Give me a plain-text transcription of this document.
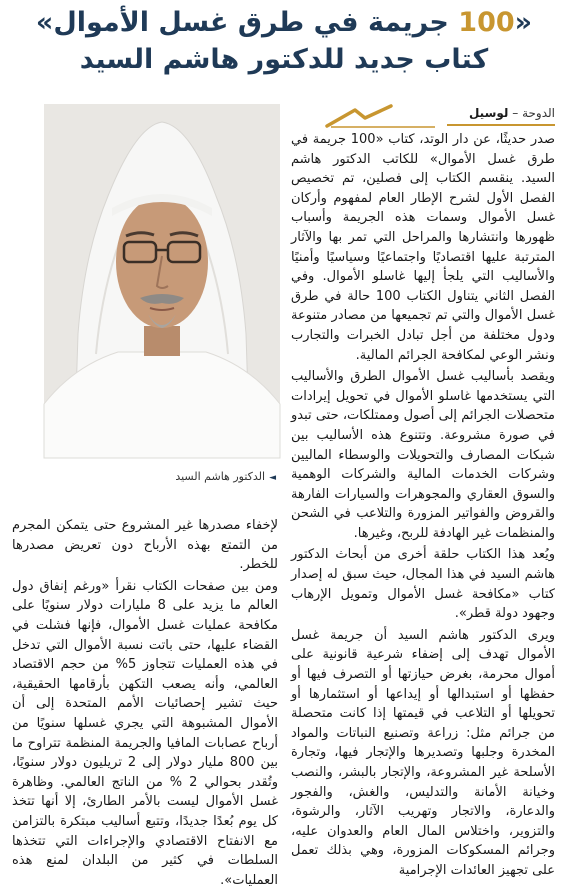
«100 جريمة في طرق غسل الأموال»
كتاب جديد للدكتور هاشم السيد
الدوحة – لوسيل
◄الدكتور هاشم السيد

صدر حديثًا، عن دار الوتد، كتاب «100 جريمة في طرق غسل الأموال» للكاتب الدكتور هاشم السيد. ينقسم الكتاب إلى فصلين، تم تخصيص الفصل الأول لشرح الإطار العام لمفهوم وأركان غسل الأموال وسمات هذه الجريمة وأسباب ظهورها وانتشارها والمراحل التي تمر بها والآثار المترتبة عليها اقتصاديًا واجتماعيًا وسياسيًا وأمنيًا والأساليب التي يلجأ إليها غاسلو الأموال. وفي الفصل الثاني يتناول الكتاب 100 حالة في طرق غسل الأموال والتي تم تجميعها من مصادر متنوعة ودول مختلفة من أجل تبادل الخبرات والتجارب ونشر الوعي لمكافحة الجرائم المالية.

ويقصد بأساليب غسل الأموال الطرق والأساليب التي يستخدمها غاسلو الأموال في تحويل إيرادات متحصلات الجرائم إلى أصول وممتلكات، حتى تبدو في صورة مشروعة. وتتنوع هذه الأساليب بين شبكات المصارف والتحويلات والوسطاء الماليين وشركات الخدمات المالية والشركات الوهمية والسوق العقاري والمجوهرات والسيارات الفارهة والقروض والفواتير المزورة والتلاعب في الشحن والمنظمات غير الهادفة للربح، وغيرها.

ويُعد هذا الكتاب حلقة أخرى من أبحاث الدكتور هاشم السيد في هذا المجال، حيث سبق له إصدار كتاب «مكافحة غسل الأموال وتمويل الإرهاب وجهود دولة قطر».

ويرى الدكتور هاشم السيد أن جريمة غسل الأموال تهدف إلى إضفاء شرعية قانونية على أموال محرمة، بغرض حيازتها أو التصرف فيها أو حفظها أو استبدالها أو إيداعها أو استثمارها أو تحويلها أو التلاعب في قيمتها إذا كانت متحصلة من جرائم مثل: زراعة وتصنيع النباتات والمواد المخدرة وجلبها وتصديرها والإتجار فيها، وتجارة الأسلحة غير المشروعة، والإتجار بالبشر، والنصب وخيانة الأمانة والتدليس، والغش، والفجور والدعارة، والاتجار وتهريب الآثار، والرشوة، والتزوير، واختلاس المال العام والعدوان عليه، وجرائم المسكوكات المزورة، وهي بذلك تعمل على تجهيز العائدات الإجرامية

لإخفاء مصدرها غير المشروع حتى يتمكن المجرم من التمتع بهذه الأرباح دون تعريض مصدرها للخطر.

ومن بين صفحات الكتاب نقرأ «ورغم إنفاق دول العالم ما يزيد على 8 مليارات دولار سنويًا على مكافحة عمليات غسل الأموال، فإنها فشلت في القضاء عليها، حتى باتت نسبة الأموال التي تدخل في هذه العمليات تتجاوز 5% من حجم الاقتصاد العالمي، وأنه يصعب التكهن بأرقامها الحقيقية، حيث تشير إحصائيات الأمم المتحدة إلى أن الأموال المشبوهة التي يجري غسلها سنويًا من أرباح عصابات المافيا والجريمة المنظمة تتراوح ما بين 800 مليار دولار إلى 2 تريليون دولار سنويًا، وتُقدر بحوالي 2 % من الناتج العالمي. وظاهرة غسل الأموال ليست بالأمر الطارئ، إلا أنها تتخذ كل يوم بُعدًا جديدًا، وتتبع أساليب مبتكرة بالتزامن مع الانفتاح الاقتصادي والإجراءات التي تتخذها السلطات في كثير من البلدان لمنع هذه العمليات».
